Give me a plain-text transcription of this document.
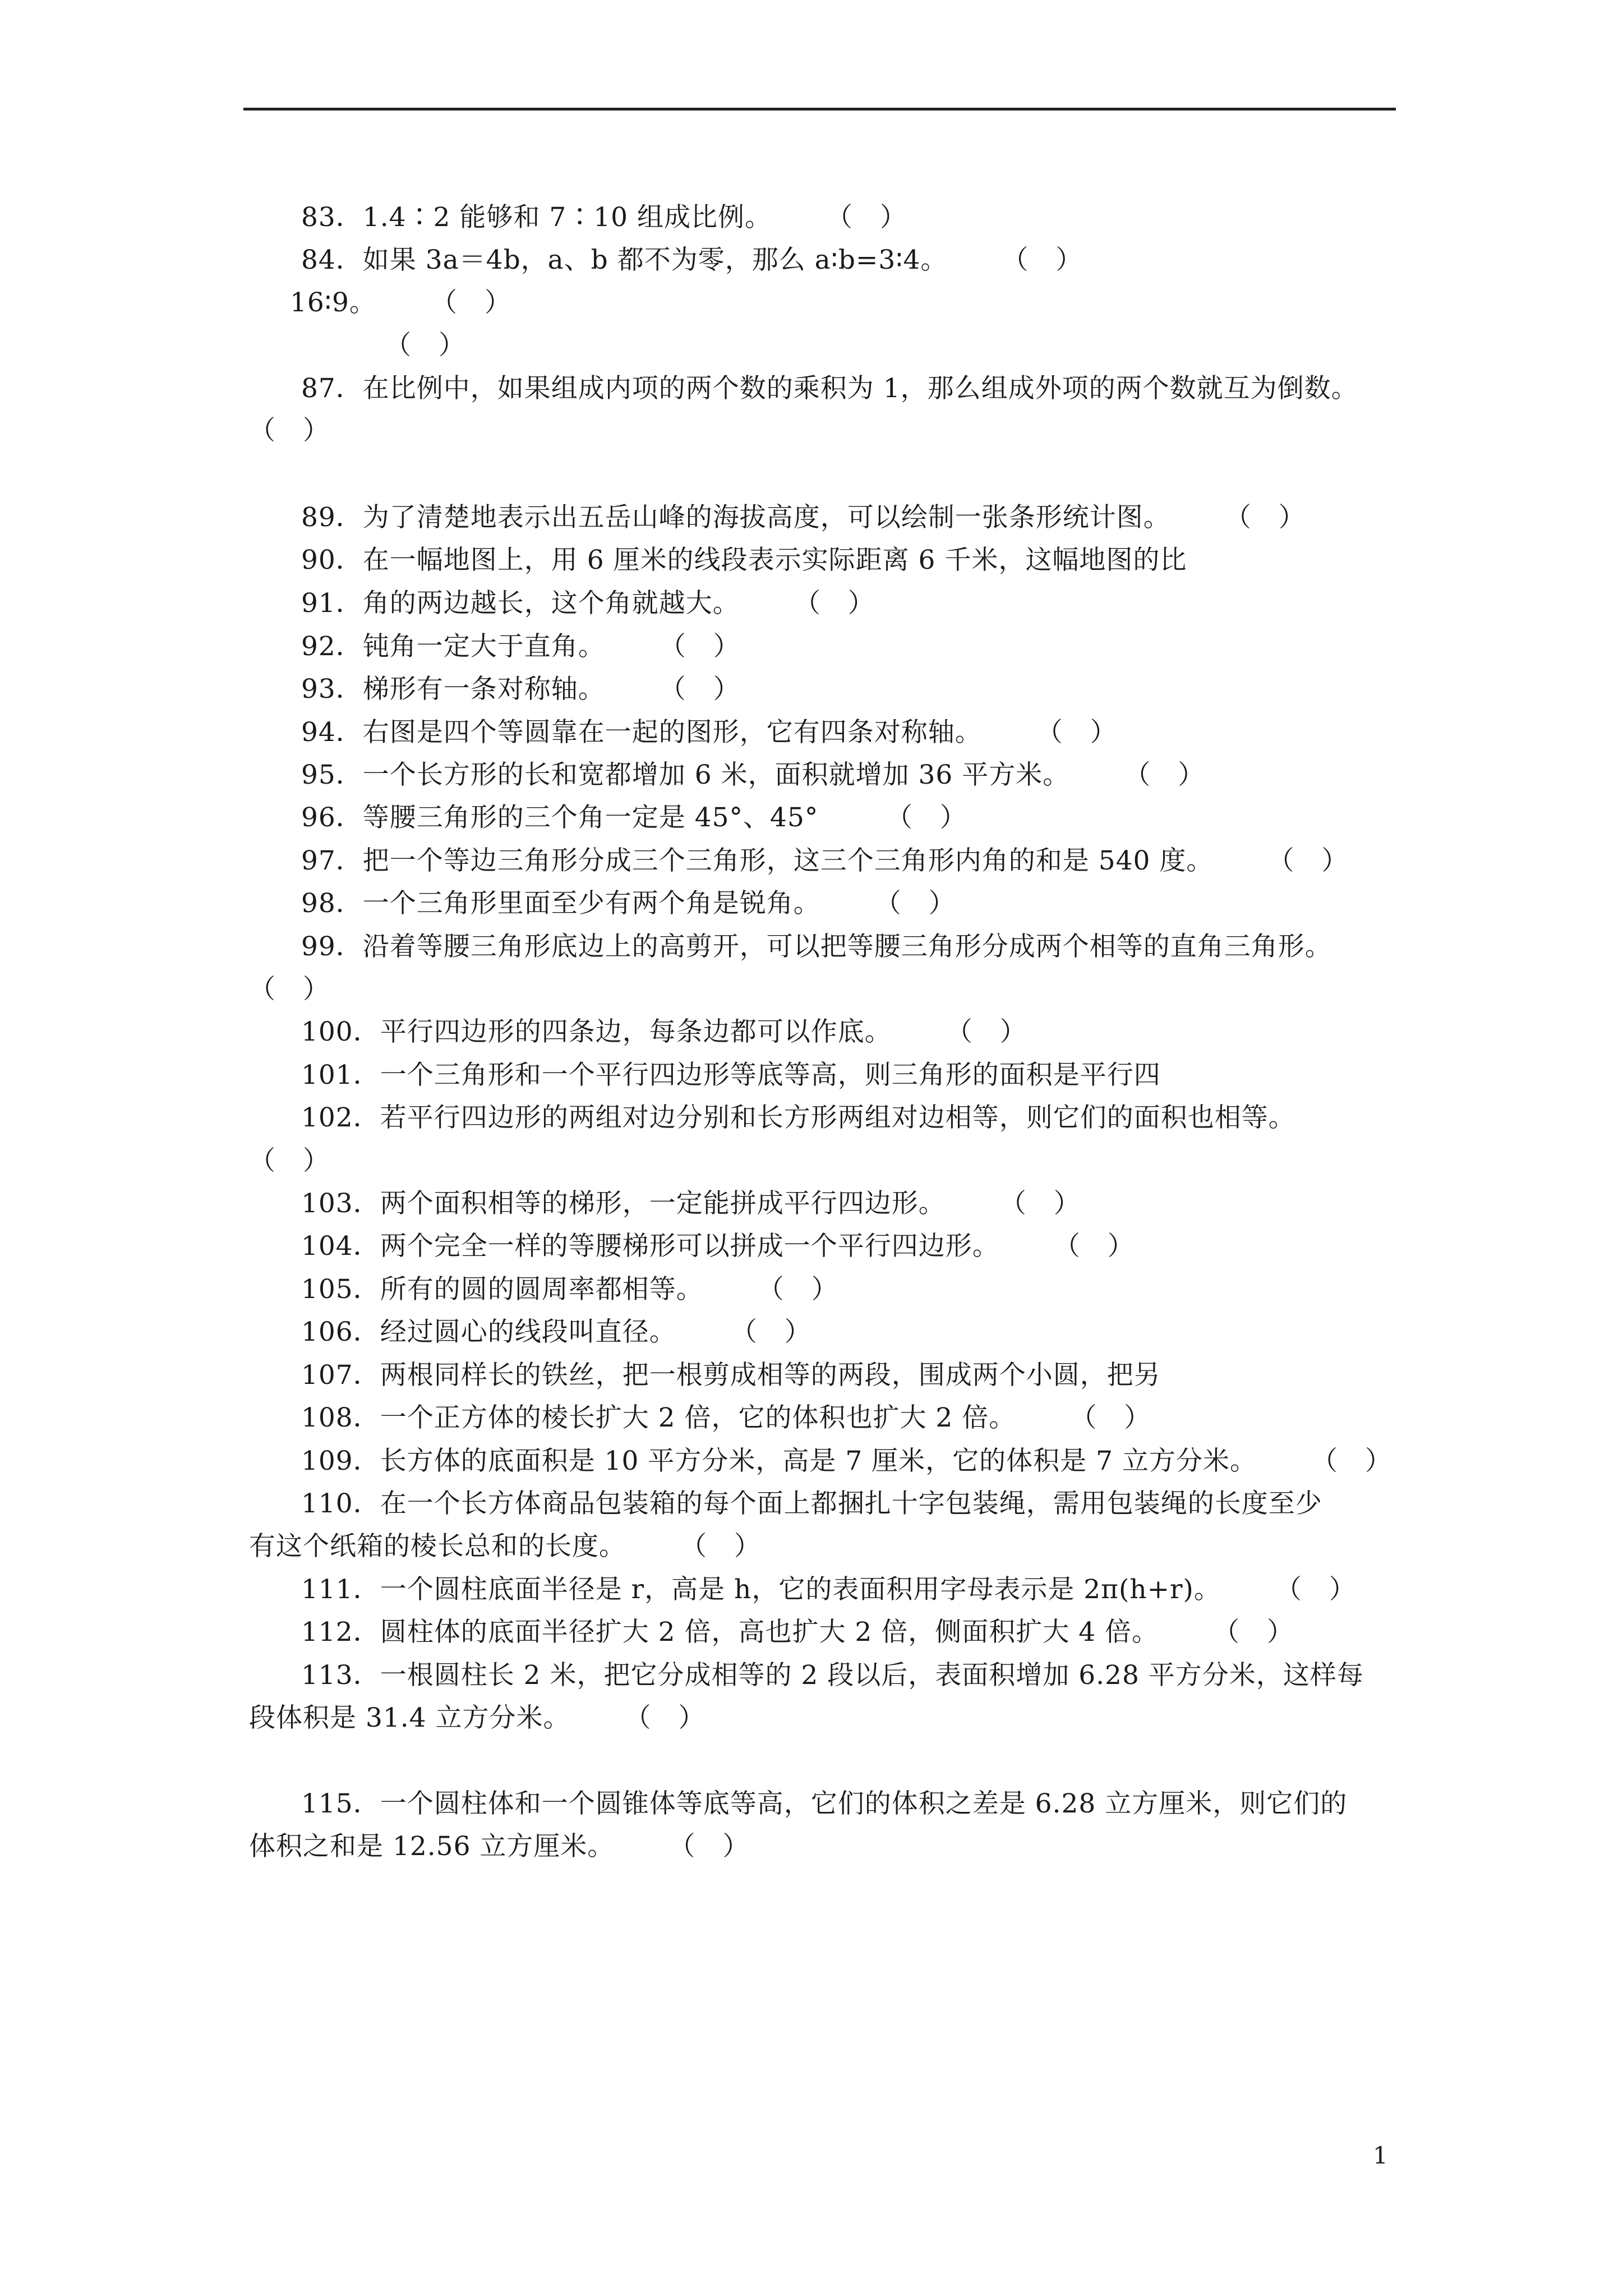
83．1.4∶2 能够和 7∶10 组成比例。　　　（　）
84．如果 3a＝4b，a、b 都不为零，那么 a∶b=3∶4。　　　（　）
16∶9。　　　（　）
（　）
87．在比例中，如果组成内项的两个数的乘积为 1，那么组成外项的两个数就互为倒数。
（　）
89．为了清楚地表示出五岳山峰的海拔高度，可以绘制一张条形统计图。　　　（　）
90．在一幅地图上，用 6 厘米的线段表示实际距离 6 千米，这幅地图的比
91．角的两边越长，这个角就越大。　　　（　）
92．钝角一定大于直角。　　　（　）
93．梯形有一条对称轴。　　　（　）
94．右图是四个等圆靠在一起的图形，它有四条对称轴。　　　（　）
95．一个长方形的长和宽都增加 6 米，面积就增加 36 平方米。　　　（　）
96．等腰三角形的三个角一定是 45°、45°　　　（　）
97．把一个等边三角形分成三个三角形，这三个三角形内角的和是 540 度。　　　（　）
98．一个三角形里面至少有两个角是锐角。　　　（　）
99．沿着等腰三角形底边上的高剪开，可以把等腰三角形分成两个相等的直角三角形。
（　）
100．平行四边形的四条边，每条边都可以作底。　　　（　）
101．一个三角形和一个平行四边形等底等高，则三角形的面积是平行四
102．若平行四边形的两组对边分别和长方形两组对边相等，则它们的面积也相等。
（　）
103．两个面积相等的梯形，一定能拼成平行四边形。　　　（　）
104．两个完全一样的等腰梯形可以拼成一个平行四边形。　　　（　）
105．所有的圆的圆周率都相等。　　　（　）
106．经过圆心的线段叫直径。　　　（　）
107．两根同样长的铁丝，把一根剪成相等的两段，围成两个小圆，把另
108．一个正方体的棱长扩大 2 倍，它的体积也扩大 2 倍。　　　（　）
109．长方体的底面积是 10 平方分米，高是 7 厘米，它的体积是 7 立方分米。　　　（　）
110．在一个长方体商品包装箱的每个面上都捆扎十字包装绳，需用包装绳的长度至少
有这个纸箱的棱长总和的长度。　　　（　）
111．一个圆柱底面半径是 r，高是 h，它的表面积用字母表示是 2π(h+r)。　　　（　）
112．圆柱体的底面半径扩大 2 倍，高也扩大 2 倍，侧面积扩大 4 倍。　　　（　）
113．一根圆柱长 2 米，把它分成相等的 2 段以后，表面积增加 6.28 平方分米，这样每
段体积是 31.4 立方分米。　　　（　）
115．一个圆柱体和一个圆锥体等底等高，它们的体积之差是 6.28 立方厘米，则它们的
体积之和是 12.56 立方厘米。　　　（　）
1
